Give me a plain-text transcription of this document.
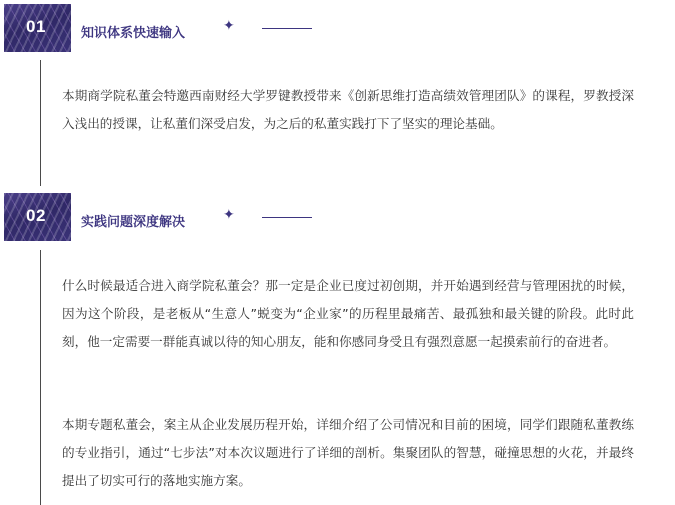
01	知识体系快速输入	✦

本期商学院私董会特邀西南财经大学罗键教授带来《创新思维打造高绩效管理团队》的课程，罗教授深入浅出的授课，让私董们深受启发，为之后的私董实践打下了坚实的理论基础。

02	实践问题深度解决	✦

什么时候最适合进入商学院私董会？那一定是企业已度过初创期，并开始遇到经营与管理困扰的时候，因为这个阶段，是老板从“生意人”蜕变为“企业家”的历程里最痛苦、最孤独和最关键的阶段。此时此刻，他一定需要一群能真诚以待的知心朋友，能和你感同身受且有强烈意愿一起摸索前行的奋进者。

本期专题私董会，案主从企业发展历程开始，详细介绍了公司情况和目前的困境，同学们跟随私董教练的专业指引，通过“七步法”对本次议题进行了详细的剖析。集聚团队的智慧，碰撞思想的火花，并最终提出了切实可行的落地实施方案。
